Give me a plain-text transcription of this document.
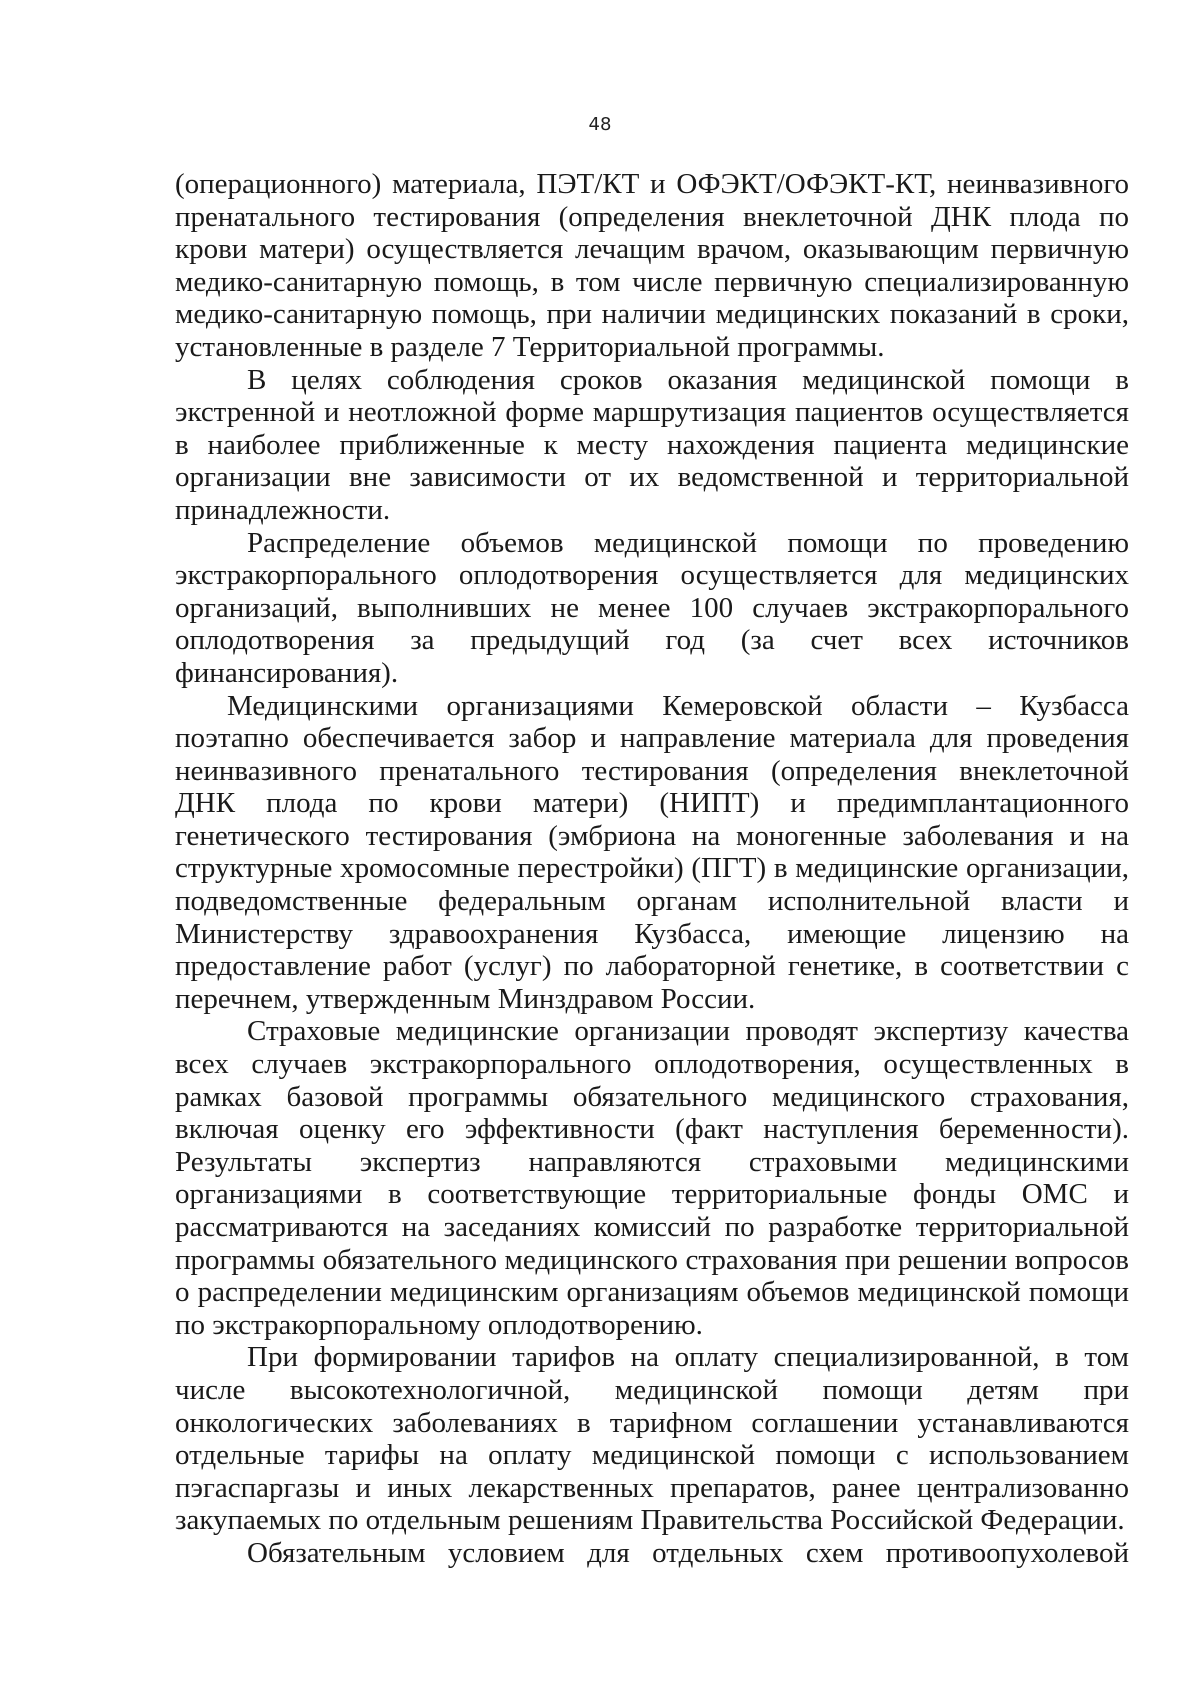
48

(операционного) материала, ПЭТ/КТ и ОФЭКТ/ОФЭКТ-КТ, неинвазивного пренатального тестирования (определения внеклеточной ДНК плода по крови матери) осуществляется лечащим врачом, оказывающим первичную медико-санитарную помощь, в том числе первичную специализированную медико-санитарную помощь, при наличии медицинских показаний в сроки, установленные в разделе 7 Территориальной программы.

В целях соблюдения сроков оказания медицинской помощи в экстренной и неотложной форме маршрутизация пациентов осуществляется в наиболее приближенные к месту нахождения пациента медицинские организации вне зависимости от их ведомственной и территориальной принадлежности.

Распределение объемов медицинской помощи по проведению экстракорпорального оплодотворения осуществляется для медицинских организаций, выполнивших не менее 100 случаев экстракорпорального оплодотворения за предыдущий год (за счет всех источников финансирования).

Медицинскими организациями Кемеровской области – Кузбасса поэтапно обеспечивается забор и направление материала для проведения неинвазивного пренатального тестирования (определения внеклеточной ДНК плода по крови матери) (НИПТ) и предимплантационного генетического тестирования (эмбриона на моногенные заболевания и на структурные хромосомные перестройки) (ПГТ) в медицинские организации, подведомственные федеральным органам исполнительной власти и Министерству здравоохранения Кузбасса, имеющие лицензию на предоставление работ (услуг) по лабораторной генетике, в соответствии с перечнем, утвержденным Минздравом России.

Страховые медицинские организации проводят экспертизу качества всех случаев экстракорпорального оплодотворения, осуществленных в рамках базовой программы обязательного медицинского страхования, включая оценку его эффективности (факт наступления беременности). Результаты экспертиз направляются страховыми медицинскими организациями в соответствующие территориальные фонды ОМС и рассматриваются на заседаниях комиссий по разработке территориальной программы обязательного медицинского страхования при решении вопросов о распределении медицинским организациям объемов медицинской помощи по экстракорпоральному оплодотворению.

При формировании тарифов на оплату специализированной, в том числе высокотехнологичной, медицинской помощи детям при онкологических заболеваниях в тарифном соглашении устанавливаются отдельные тарифы на оплату медицинской помощи с использованием пэгаспаргазы и иных лекарственных препаратов, ранее централизованно закупаемых по отдельным решениям Правительства Российской Федерации.

Обязательным условием для отдельных схем противоопухолевой
